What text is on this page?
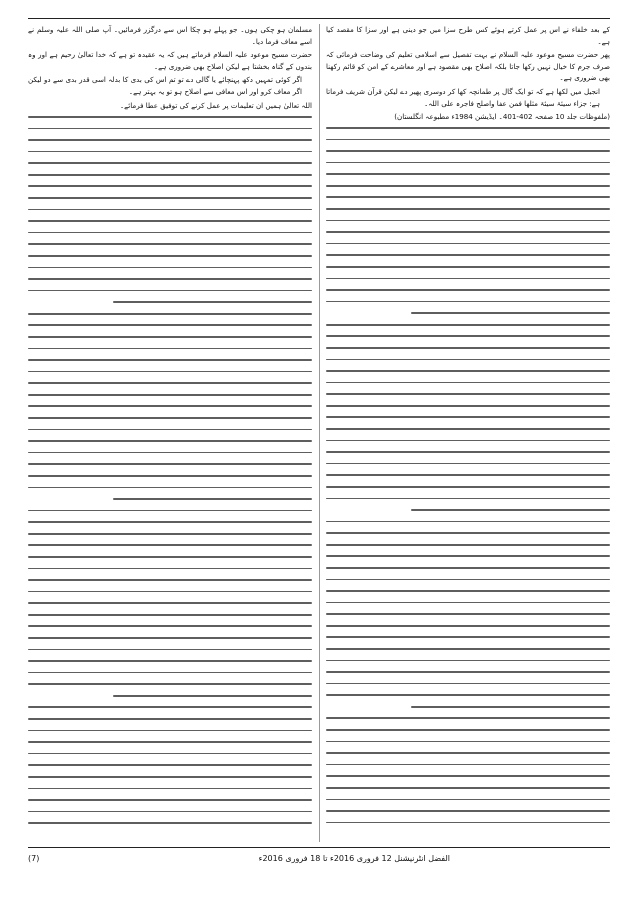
کے بعد خلفاء نے اس پر عمل کرتے ہوئے کس طرح سزا میں جو دینی ہے اور سزا کا مقصد کیا ہے۔

پھر حضرت مسیح موعود علیہ السلام نے بہت تفصیل سے اسلامی تعلیم کی وضاحت فرمائی کہ صرف جرم کا خیال نہیں رکھا جاتا بلکہ اصلاح بھی مقصود ہے اور معاشرے کے امن کو قائم رکھنا بھی ضروری ہے۔

انجیل میں لکھا ہے کہ تو ایک گال پر طمانچہ کھا کر دوسری پھیر دے لیکن قرآن شریف فرماتا ہے: جزاء سیئۃ سیئۃ مثلھا فمن عفا واصلح فاجرہ علی اللہ۔

(ملفوظات جلد 10 صفحہ 402-401۔ ایڈیشن 1984ء مطبوعہ انگلستان)

مسلمان ہو چکی ہوں۔ جو پہلے ہو چکا اس سے درگزر فرمائیں۔ آپ صلی اللہ علیہ وسلم نے اسے معاف فرما دیا۔

حضرت مسیح موعود علیہ السلام فرماتے ہیں کہ یہ عقیدہ تو ہے کہ خدا تعالیٰ رحیم ہے اور وہ بندوں کے گناہ بخشتا ہے لیکن اصلاح بھی ضروری ہے۔

اگر کوئی تمہیں دکھ پہنچائے یا گالی دے تو تم اس کی بدی کا بدلہ اسی قدر بدی سے دو لیکن اگر معاف کرو اور اس معافی سے اصلاح ہو تو یہ بہتر ہے۔

اللہ تعالیٰ ہمیں ان تعلیمات پر عمل کرنے کی توفیق عطا فرمائے۔

الفضل انٹرنیشنل 12 فروری 2016ء تا 18 فروری 2016ء
(7)
